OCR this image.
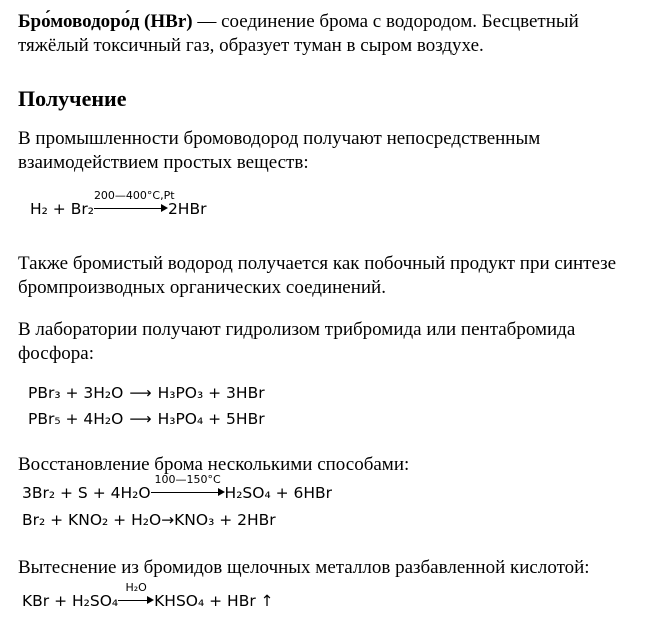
Бро́моводоро́д (HBr) — соединение брома с водородом. Бесцветный
тяжёлый токсичный газ, образует туман в сыром воздухе.
Получение
В промышленности бромоводород получают непосредственным взаимодействием простых веществ:
H₂ + Br₂
200—400°C,Pt
2HBr
Также бромистый водород получается как побочный продукт при синтезе бромпроизводных органических соединений.
В лаборатории получают гидролизом трибромида или пентабромида фосфора:
PBr₃ + 3H₂O ⟶ H₃PO₃ + 3HBr
PBr₅ + 4H₂O ⟶ H₃PO₄ + 5HBr
Восстановление брома несколькими способами:
3Br₂ + S + 4H₂O
100—150°C
H₂SO₄ + 6HBr
Br₂ + KNO₂ + H₂O→KNO₃ + 2HBr
Вытеснение из бромидов щелочных металлов разбавленной кислотой:
KBr + H₂SO₄
H₂O
KHSO₄ + HBr ↑
